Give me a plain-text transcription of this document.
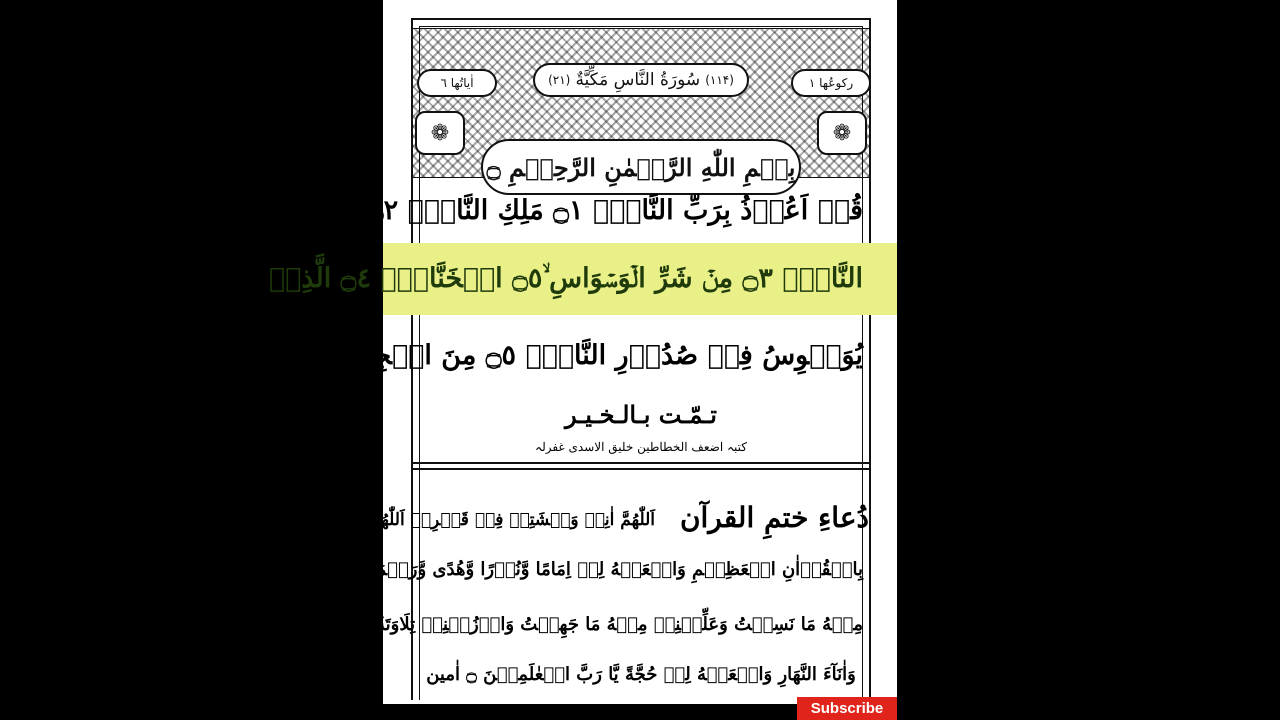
❁	❁
اٰیاتُھا ٦	(۲۱)
سُورَةُ النَّاسِ مَكِّيَّةٌ
(۱۱۴)	رکوعُھا ١
بِسۡمِ اللّٰهِ الرَّحۡمٰنِ الرَّحِيۡمِ ۝
قُلۡ اَعُوۡذُ بِرَبِّ النَّاسِۙ ۝١ مَلِكِ النَّاسِۙ ۝٢ اِلٰهِ
النَّاسِۙ ۝٣ مِنۡ شَرِّ الۡوَسۡوَاسِ ۙ۝٥ الۡخَنَّاسِۙ ۝٤ الَّذِىۡ
يُوَسۡوِسُ فِىۡ صُدُوۡرِ النَّاسِۙ ۝٥ مِنَ الۡجِنَّةِ وَالنَّاسِ ۝٦
تـمّـت بـالـخـيـر
کتبہ اضعف الخطاطین خلیق الاسدی غفرلہ
دُعاءِ ختمِ القرآن
اَللّٰھُمَّ اٰنِسۡ وَحۡشَتِیۡ فِیۡ قَبۡرِیۡ اَللّٰھُمَّ ارۡحَمۡنِیۡ
بِالۡقُرۡاٰنِ الۡعَظِیۡمِ وَاجۡعَلۡهُ لِیۡ اِمَامًا وَّنُوۡرًا وَّهُدًی وَّرَحۡمَةً اَللّٰھُمَّ ذَکِّرۡنِیۡ
مِنۡهُ مَا نَسِیۡتُ وَعَلِّمۡنِیۡ مِنۡهُ مَا جَهِلۡتُ وَارۡزُقۡنِیۡ تِلَاوَتَهٗ اٰنَآءَ الَّیۡلِ
وَاٰنَآءَ النَّهَارِ وَاجۡعَلۡهُ لِیۡ حُجَّةً یَّا رَبَّ الۡعٰلَمِیۡنَ ۝ اٰمین
Subscribe
